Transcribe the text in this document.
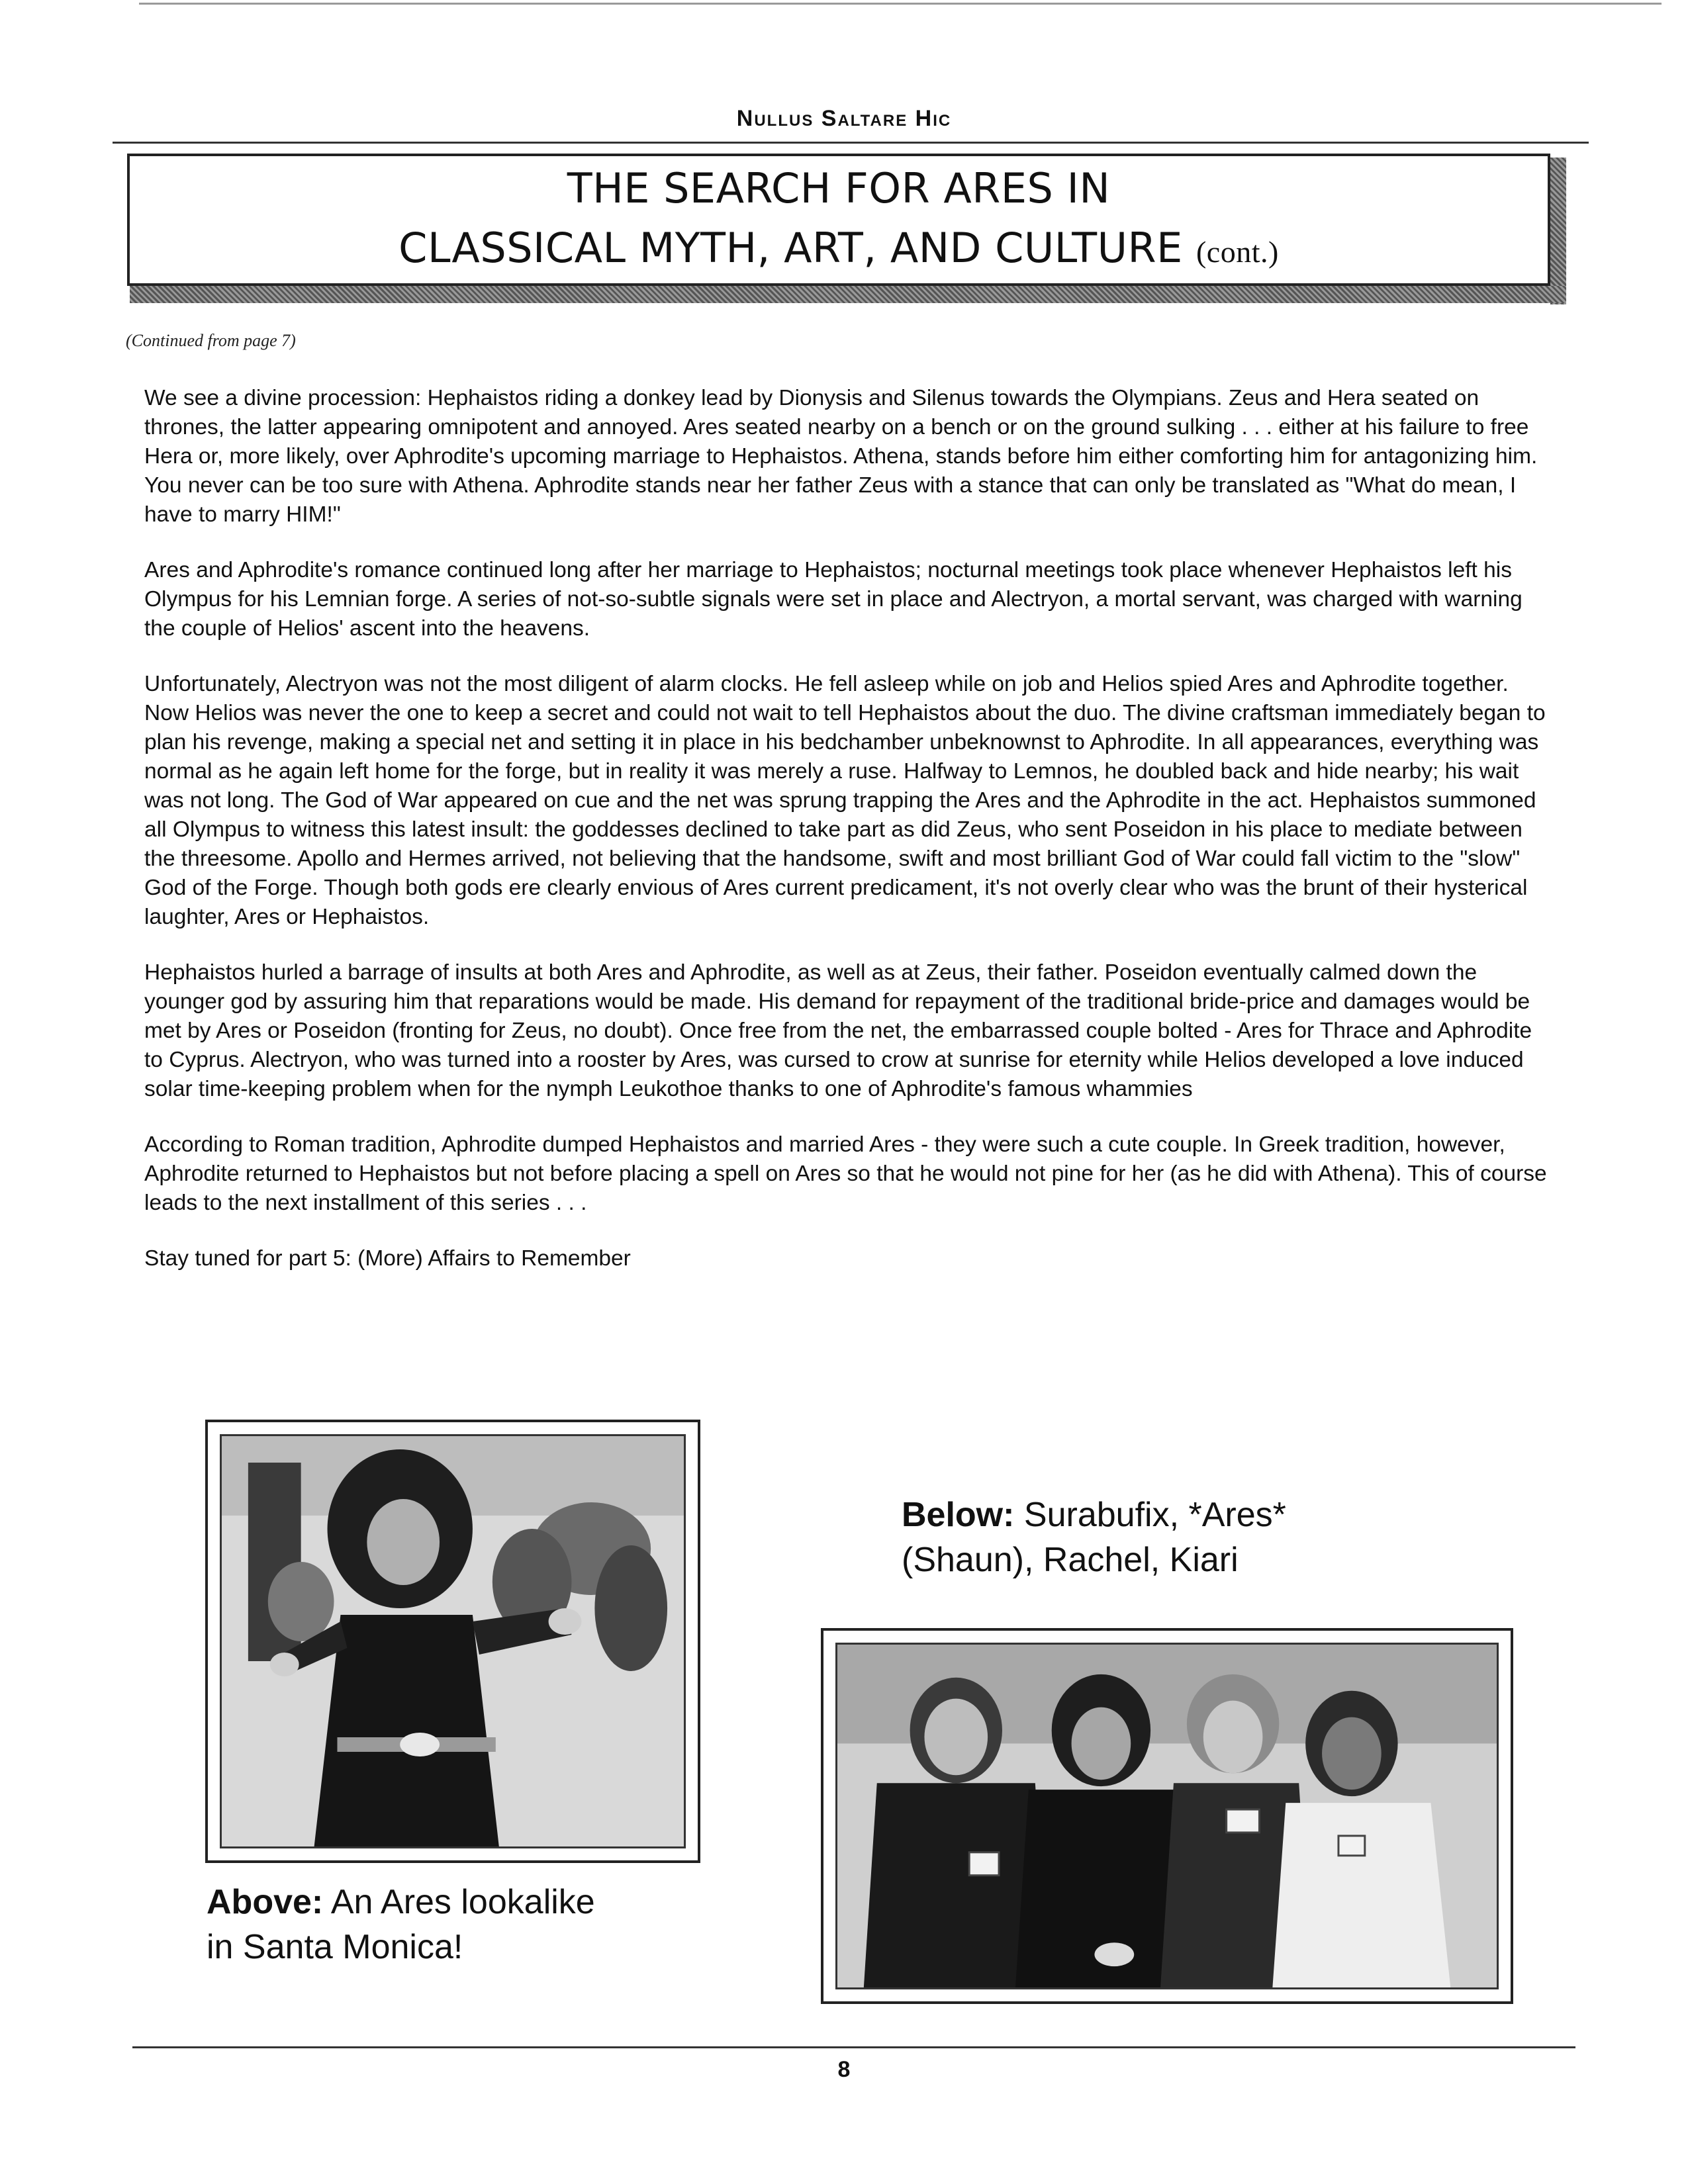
Nullus Saltare Hic
THE SEARCH FOR ARES IN
CLASSICAL MYTH, ART, AND CULTURE (cont.)
(Continued from page 7)

We see a divine procession: Hephaistos riding a donkey lead by Dionysis and Silenus towards the Olympians. Zeus and Hera seated on thrones, the latter appearing omnipotent and annoyed. Ares seated nearby on a bench or on the ground sulking . . . either at his failure to free Hera or, more likely, over Aphrodite's upcoming marriage to Hephaistos. Athena, stands before him either comforting him for antagonizing him. You never can be too sure with Athena. Aphrodite stands near her father Zeus with a stance that can only be translated as "What do mean, I have to marry HIM!"

Ares and Aphrodite's romance continued long after her marriage to Hephaistos; nocturnal meetings took place whenever Hephaistos left his Olympus for his Lemnian forge. A series of not-so-subtle signals were set in place and Alectryon, a mortal servant, was charged with warning the couple of Helios' ascent into the heavens.

Unfortunately, Alectryon was not the most diligent of alarm clocks. He fell asleep while on job and Helios spied Ares and Aphrodite together. Now Helios was never the one to keep a secret and could not wait to tell Hephaistos about the duo. The divine craftsman immediately began to plan his revenge, making a special net and setting it in place in his bedchamber unbeknownst to Aphrodite. In all appearances, everything was normal as he again left home for the forge, but in reality it was merely a ruse. Halfway to Lemnos, he doubled back and hide nearby; his wait was not long. The God of War appeared on cue and the net was sprung trapping the Ares and the Aphrodite in the act. Hephaistos summoned all Olympus to witness this latest insult: the goddesses declined to take part as did Zeus, who sent Poseidon in his place to mediate between the threesome. Apollo and Hermes arrived, not believing that the handsome, swift and most brilliant God of War could fall victim to the "slow" God of the Forge. Though both gods ere clearly envious of Ares current predicament, it's not overly clear who was the brunt of their hysterical laughter, Ares or Hephaistos.

Hephaistos hurled a barrage of insults at both Ares and Aphrodite, as well as at Zeus, their father. Poseidon eventually calmed down the younger god by assuring him that reparations would be made. His demand for repayment of the traditional bride-price and damages would be met by Ares or Poseidon (fronting for Zeus, no doubt). Once free from the net, the embarrassed couple bolted - Ares for Thrace and Aphrodite to Cyprus. Alectryon, who was turned into a rooster by Ares, was cursed to crow at sunrise for eternity while Helios developed a love induced solar time-keeping problem when for the nymph Leukothoe thanks to one of Aphrodite's famous whammies

According to Roman tradition, Aphrodite dumped Hephaistos and married Ares - they were such a cute couple. In Greek tradition, however, Aphrodite returned to Hephaistos but not before placing a spell on Ares so that he would not pine for her (as he did with Athena). This of course leads to the next installment of this series . . .

Stay tuned for part 5: (More) Affairs to Remember

Above: An Ares lookalike
in Santa Monica!
Below: Surabufix, *Ares*
(Shaun), Rachel, Kiari
8
